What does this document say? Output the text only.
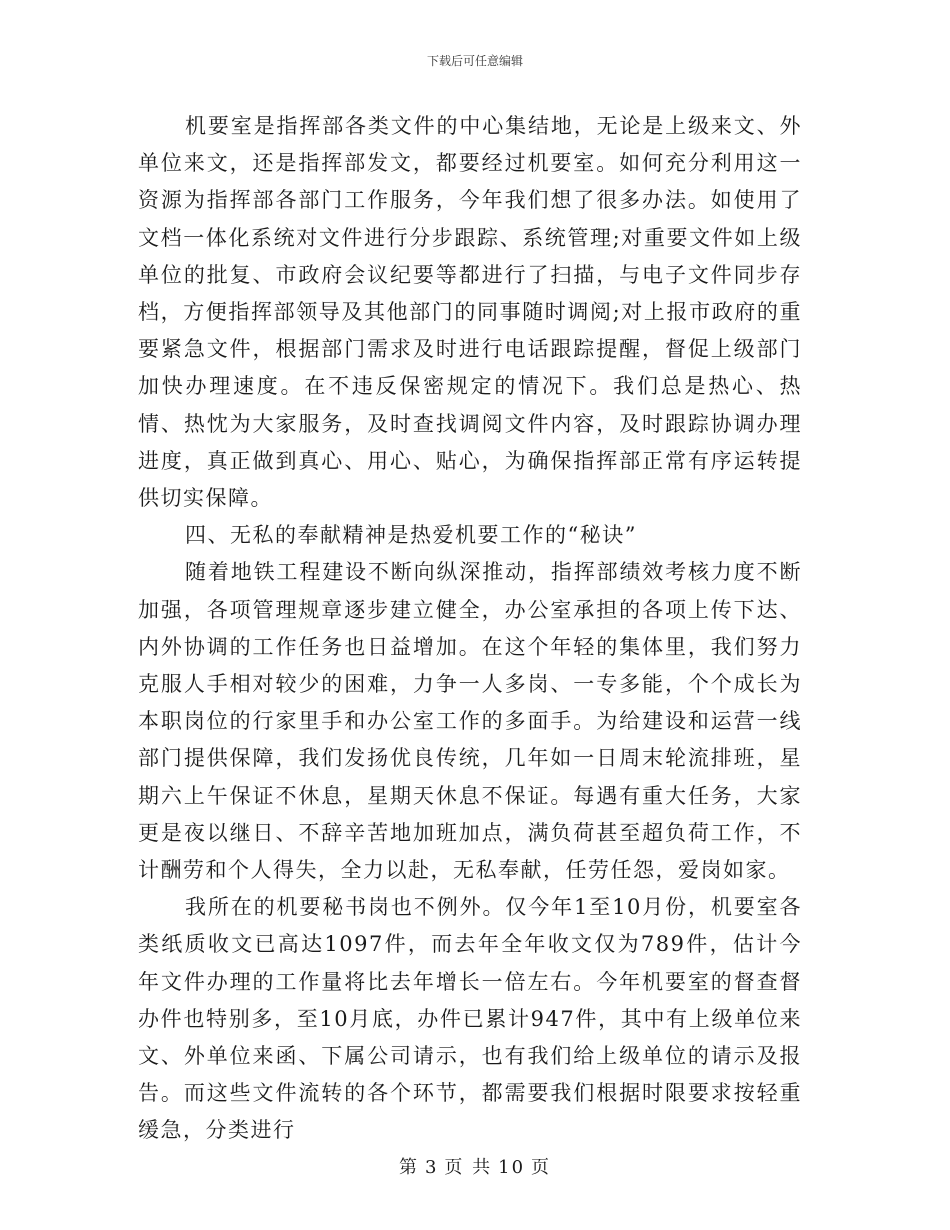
下载后可任意编辑

机要室是指挥部各类文件的中心集结地，无论是上级来文、外单位来文，还是指挥部发文，都要经过机要室。如何充分利用这一资源为指挥部各部门工作服务，今年我们想了很多办法。如使用了文档一体化系统对文件进行分步跟踪、系统管理;对重要文件如上级单位的批复、市政府会议纪要等都进行了扫描，与电子文件同步存档，方便指挥部领导及其他部门的同事随时调阅;对上报市政府的重要紧急文件，根据部门需求及时进行电话跟踪提醒，督促上级部门加快办理速度。在不违反保密规定的情况下。我们总是热心、热情、热忱为大家服务，及时查找调阅文件内容，及时跟踪协调办理进度，真正做到真心、用心、贴心，为确保指挥部正常有序运转提供切实保障。

四、无私的奉献精神是热爱机要工作的“秘诀”

随着地铁工程建设不断向纵深推动，指挥部绩效考核力度不断加强，各项管理规章逐步建立健全，办公室承担的各项上传下达、内外协调的工作任务也日益增加。在这个年轻的集体里，我们努力克服人手相对较少的困难，力争一人多岗、一专多能，个个成长为本职岗位的行家里手和办公室工作的多面手。为给建设和运营一线部门提供保障，我们发扬优良传统，几年如一日周末轮流排班，星期六上午保证不休息，星期天休息不保证。每遇有重大任务，大家更是夜以继日、不辞辛苦地加班加点，满负荷甚至超负荷工作，不计酬劳和个人得失，全力以赴，无私奉献，任劳任怨，爱岗如家。

我所在的机要秘书岗也不例外。仅今年1至10月份，机要室各类纸质收文已高达1097件，而去年全年收文仅为789件，估计今年文件办理的工作量将比去年增长一倍左右。今年机要室的督查督办件也特别多，至10月底，办件已累计947件，其中有上级单位来文、外单位来函、下属公司请示，也有我们给上级单位的请示及报告。而这些文件流转的各个环节，都需要我们根据时限要求按轻重缓急，分类进行

第 3 页 共 10 页
